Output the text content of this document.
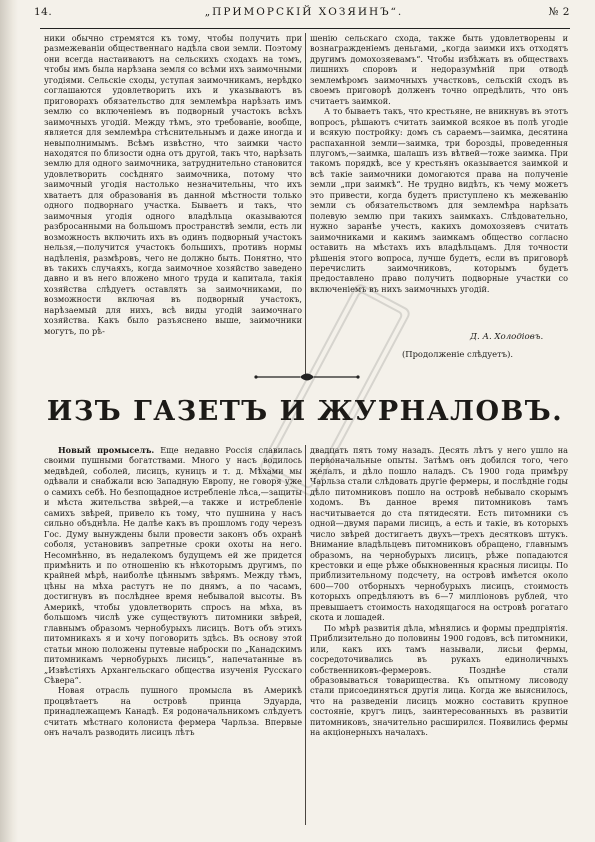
14.	„ПРИМОРСКIЙ ХОЗЯИНЪ“.	№ 2

ники обычно стремятся къ тому, чтобы получить при размежеванiи общественнаго надѣла свои земли. Поэтому они всегда настаиваютъ на сельскихъ сходахъ на томъ, чтобы имъ была нарѣзана земля со всѣми ихъ заимочными угодiями. Сельскiе сходы, уступая заимочникамъ, нерѣдко соглашаются удовлетворить ихъ и указываютъ въ приговорахъ обязательство для землемѣра нарѣзать имъ землю со включенiемъ въ подворный участокъ всѣхъ заимочныхъ угодiй. Между тѣмъ, это требованiе, вообще, является для землемѣра стѣснительнымъ и даже иногда и невыполнимымъ. Всѣмъ извѣстно, что заимки часто находятся по близости одна отъ другой, такъ что, нарѣзать землю для одного заимочника, затруднительно становится удовлетворить сосѣдняго заимочника, потому что заимочный угодiя настолько незначительны, что ихъ хватаетъ для образованiя въ данной мѣстности только одного подворнаго участка. Бываетъ и такъ, что заимочныя угодiя одного владѣльца оказываются разбросанными на большомъ пространствѣ земли, есть ли возможность включить ихъ въ одинъ подворный участокъ нельзя,—получится участокъ большихъ, противъ нормы надѣленiя, размѣровъ, чего не должно быть. Понятно, что въ такихъ случаяхъ, когда заимочное хозяйство заведено давно и въ него вложено много труда и капитала, такiя хозяйства слѣдуетъ оставлять за заимочниками, по возможности включая въ подворный участокъ, нарѣзаемый для нихъ, всѣ виды угодiй заимочнаго хозяйства. Какъ было разъяснено выше, заимочники могутъ, по рѣ-

шенiю сельскаго схода, также быть удовлетворены и вознагражденiемъ деньгами, „когда заимки ихъ отходятъ другимъ домохозяевамъ“. Чтобы избѣжать въ обществахъ лишнихъ споровъ и недоразумѣнiй при отводѣ землемѣромъ заимочныхъ участковъ, сельскiй сходъ въ своемъ приговорѣ долженъ точно опредѣлить, что онъ считаетъ заимкой.

А то бываетъ такъ, что крестьяне, не вникнувъ въ этотъ вопросъ, рѣшаютъ считать заимкой всякое въ полѣ угодiе и всякую постройку: домъ съ сараемъ—заимка, десятина распаханной земли—заимка, три бороздьi, проведенныя плугомъ,—заимка, шалашъ изъ вѣтвей—тоже заимка. При такомъ порядкѣ, все у крестьянъ оказывается заимкой и всѣ такiе заимочники домогаются права на полученiе земли „при заимкѣ“. Не трудно видѣть, къ чему можетъ это привести, когда будетъ приступлено къ межеванiю земли съ обязательствомъ для землемѣра нарѣзать полевую землю при такихъ заимкахъ. Слѣдовательно, нужно заранѣе учесть, какихъ домохозяевъ считать заимочниками и какимъ заимкамъ общество согласно оставить на мѣстахъ ихъ владѣльцамъ. Для точности рѣшенiя этого вопроса, лучше будетъ, если въ приговорѣ перечислить заимочниковъ, которымъ будетъ предоставлено право получить подворные участки со включенiемъ въ нихъ заимочныхъ угодiй.

Д. А. Холодiовъ.
(Продолженiе слѣдуетъ).
ИЗЪ ГАЗЕТЪ И ЖУРНАЛОВЪ.

Новый промыселъ. Еще недавно Россiя славилась своими пушными богатствами. Много у насъ водилось медвѣдей, соболей, лисицъ, куницъ и т. д. Мѣхами мы одѣвали и снабжали всю Западную Европу, не говоря уже о самихъ себѣ. Но безпощадное истребленiе лѣса,—защиты и мѣста жительства звѣрей,—а также и истребленiе самихъ звѣрей, привело къ тому, что пушнина у насъ сильно объднѣла. Не далѣе какъ въ прошломъ году черезъ Гос. Думу вынуждены были провести законъ объ охранѣ соболя, установивъ запретные сроки охоты на него. Несомнѣнно, въ недалекомъ будущемъ ей же придется примѣнить и по отношенiю къ нѣкоторымъ другимъ, по крайней мѣрѣ, наиболѣе цѣннымъ звѣрямъ. Между тѣмъ, цѣны на мѣха растутъ не по днямъ, а по часамъ, достигнувъ въ послѣднее время небывалой высоты. Въ Америкѣ, чтобы удовлетворить спросъ на мѣха, въ большомъ числѣ уже существуютъ питомники звѣрей, главнымъ образомъ чернобурыхъ лисицъ. Вотъ объ этихъ питомникахъ я и хочу поговорить здѣсь. Въ основу этой статьи мною положены путевые наброски по „Канадскимъ питомникамъ чернобурыхъ лисицъ“, напечатанные въ „Извѣстiяхъ Архангельскаго общества изученiя Русскаго Сѣвера“.

Новая отрасль пушного промысла въ Америкѣ процвѣтаетъ на островѣ принца Эдуарда, принадлежащемъ Канадѣ. Ея родоначальникомъ слѣдуетъ считать мѣстнаго колониста фермера Чарльза. Впервые онъ началъ разводить лисицъ лѣтъ

двадцать пять тому назадъ. Десять лѣтъ у него ушло на первоначальные опыты. Затѣмъ онъ добился того, чего желалъ, и дѣло пошло наладъ. Съ 1900 года примѣру Чарльза стали слѣдовать другiе фермеры, и послѣднiе годы дѣло питомниковъ пошло на островѣ небывало скорымъ ходомъ. Въ данное время питомниковъ тамъ насчитывается до ста пятидесяти. Есть питомники съ одной—двумя парами лисицъ, а есть и такiе, въ которыхъ число звѣрей достигаетъ двухъ—трехъ десятковъ штукъ. Внимание владѣльцевъ питомниковъ обращено, главнымъ образомъ, на чернобурыхъ лисицъ, рѣже попадаются крестовки и еще рѣже обыкновенныя красныя лисицы. По приблизительному подсчету, на островѣ имѣется около 600—700 отборныхъ чернобурыхъ лисицъ, стоимость которыхъ опредѣляютъ въ 6—7 миллiоновъ рублей, что превышаетъ стоимость находящагося на островѣ рогатаго скота и лошадей.

По мѣрѣ развитiя дѣла, мѣнялись и формы предпрiятiя. Приблизительно до половины 1900 годовъ, всѣ питомники, или, какъ ихъ тамъ называли, лисьи фермы, сосредоточивались въ рукахъ единоличныхъ собственниковъ-фермеровъ. Позднѣе стали образовываться товарищества. Къ опытному лисоводу стали присоединяться другiя лица. Когда же выяснилось, что на разведенiи лисицъ можно составить крупное состоянiе, кругъ лицъ, заинтересованныхъ въ развитiи питомниковъ, значительно расширился. Появились фермы на акцiонерныхъ началахъ.
